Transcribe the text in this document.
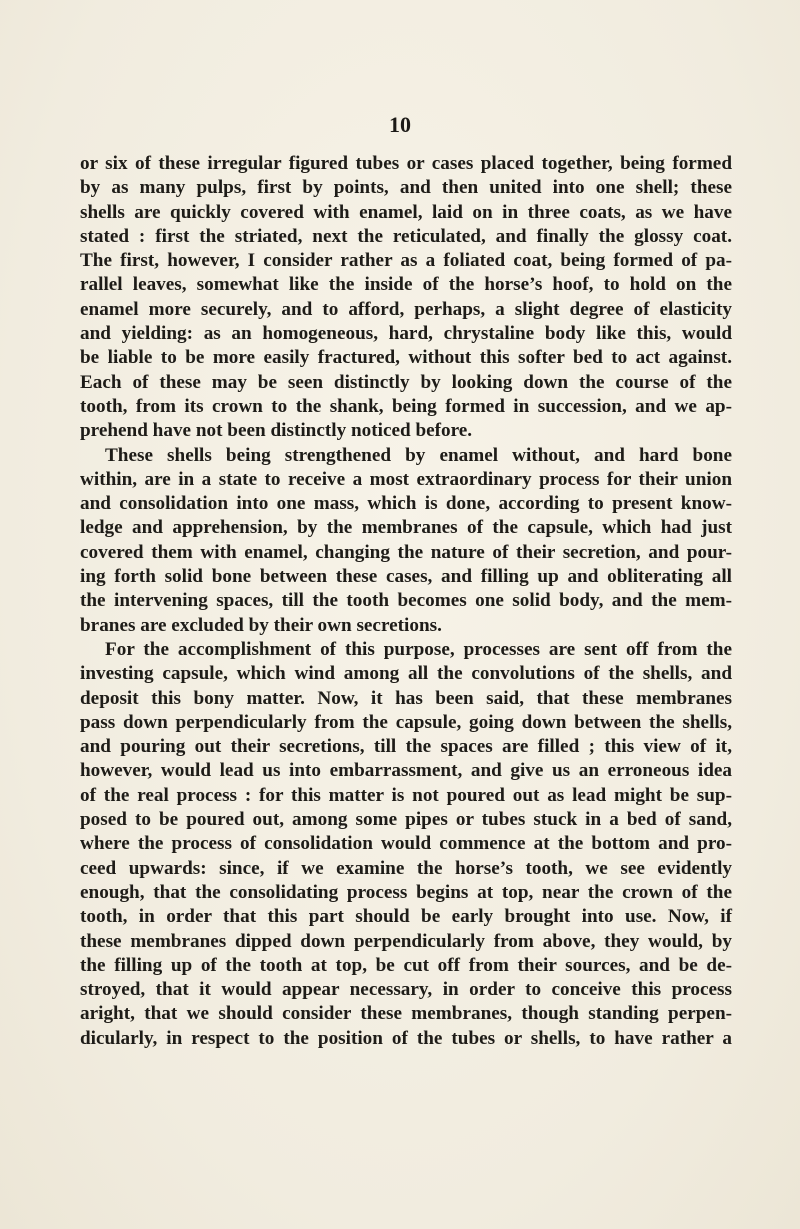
10
or six of these irregular figured tubes or cases placed together, being formed
by as many pulps, first by points, and then united into one shell; these
shells are quickly covered with enamel, laid on in three coats, as we have
stated : first the striated, next the reticulated, and finally the glossy coat.
The first, however, I consider rather as a foliated coat, being formed of pa-
rallel leaves, somewhat like the inside of the horse’s hoof, to hold on the
enamel more securely, and to afford, perhaps, a slight degree of elasticity
and yielding: as an homogeneous, hard, chrystaline body like this, would
be liable to be more easily fractured, without this softer bed to act against.
Each of these may be seen distinctly by looking down the course of the
tooth, from its crown to the shank, being formed in succession, and we ap-
prehend have not been distinctly noticed before.
These shells being strengthened by enamel without, and hard bone
within, are in a state to receive a most extraordinary process for their union
and consolidation into one mass, which is done, according to present know-
ledge and apprehension, by the membranes of the capsule, which had just
covered them with enamel, changing the nature of their secretion, and pour-
ing forth solid bone between these cases, and filling up and obliterating all
the intervening spaces, till the tooth becomes one solid body, and the mem-
branes are excluded by their own secretions.
For the accomplishment of this purpose, processes are sent off from the
investing capsule, which wind among all the convolutions of the shells, and
deposit this bony matter. Now, it has been said, that these membranes
pass down perpendicularly from the capsule, going down between the shells,
and pouring out their secretions, till the spaces are filled ; this view of it,
however, would lead us into embarrassment, and give us an erroneous idea
of the real process : for this matter is not poured out as lead might be sup-
posed to be poured out, among some pipes or tubes stuck in a bed of sand,
where the process of consolidation would commence at the bottom and pro-
ceed upwards: since, if we examine the horse’s tooth, we see evidently
enough, that the consolidating process begins at top, near the crown of the
tooth, in order that this part should be early brought into use. Now, if
these membranes dipped down perpendicularly from above, they would, by
the filling up of the tooth at top, be cut off from their sources, and be de-
stroyed, that it would appear necessary, in order to conceive this process
aright, that we should consider these membranes, though standing perpen-
dicularly, in respect to the position of the tubes or shells, to have rather a
